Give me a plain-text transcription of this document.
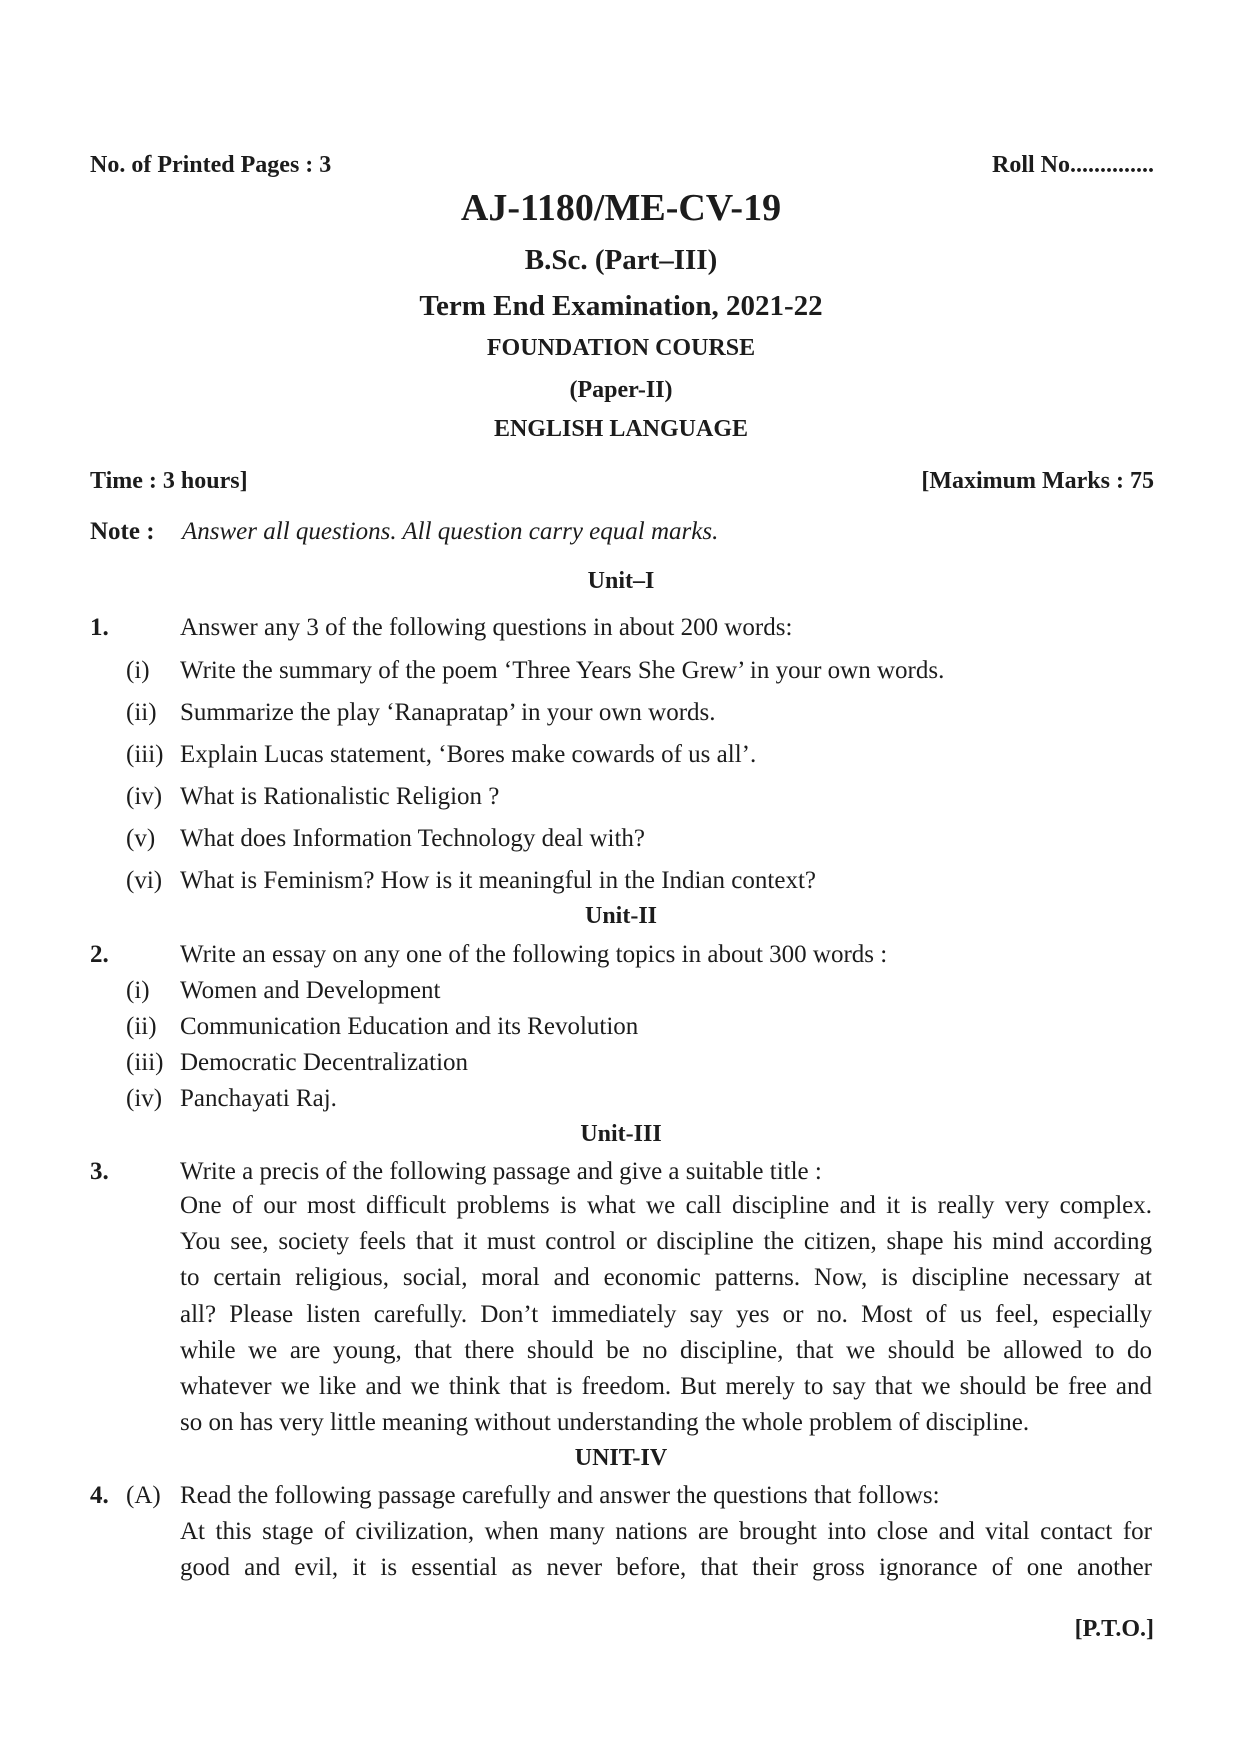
No. of Printed Pages : 3	Roll No..............
AJ-1180/ME-CV-19
B.Sc. (Part–III)
Term End Examination, 2021-22
FOUNDATION COURSE
(Paper-II)
ENGLISH LANGUAGE
Time : 3 hours]	[Maximum Marks : 75
Note : Answer all questions. All question carry equal marks.
Unit–I
1.	Answer any 3 of the following questions in about 200 words:
(i)	Write the summary of the poem ‘Three Years She Grew’ in your own words.
(ii) Summarize the play ‘Ranapratap’ in your own words.
(iii) Explain Lucas statement, ‘Bores make cowards of us all’.
(iv) What is Rationalistic Religion ?
(v) What does Information Technology deal with?
(vi) What is Feminism? How is it meaningful in the Indian context?
Unit-II
2.	Write an essay on any one of the following topics in about 300 words :
(i)	Women and Development
(ii) Communication Education and its Revolution
(iii) Democratic Decentralization
(iv) Panchayati Raj.
Unit-III
3.	Write a precis of the following passage and give a suitable title :
One of our most difficult problems is what we call discipline and it is really very complex.
You see, society feels that it must control or discipline the citizen, shape his mind according
to certain religious, social, moral and economic patterns. Now, is discipline necessary at
all? Please listen carefully. Don’t immediately say yes or no. Most of us feel, especially
while we are young, that there should be no discipline, that we should be allowed to do
whatever we like and we think that is freedom. But merely to say that we should be free and
so on has very little meaning without understanding the whole problem of discipline.
UNIT-IV
4. (A) Read the following passage carefully and answer the questions that follows:
At this stage of civilization, when many nations are brought into close and vital contact for
good and evil, it is essential as never before, that their gross ignorance of one another
[P.T.O.]
